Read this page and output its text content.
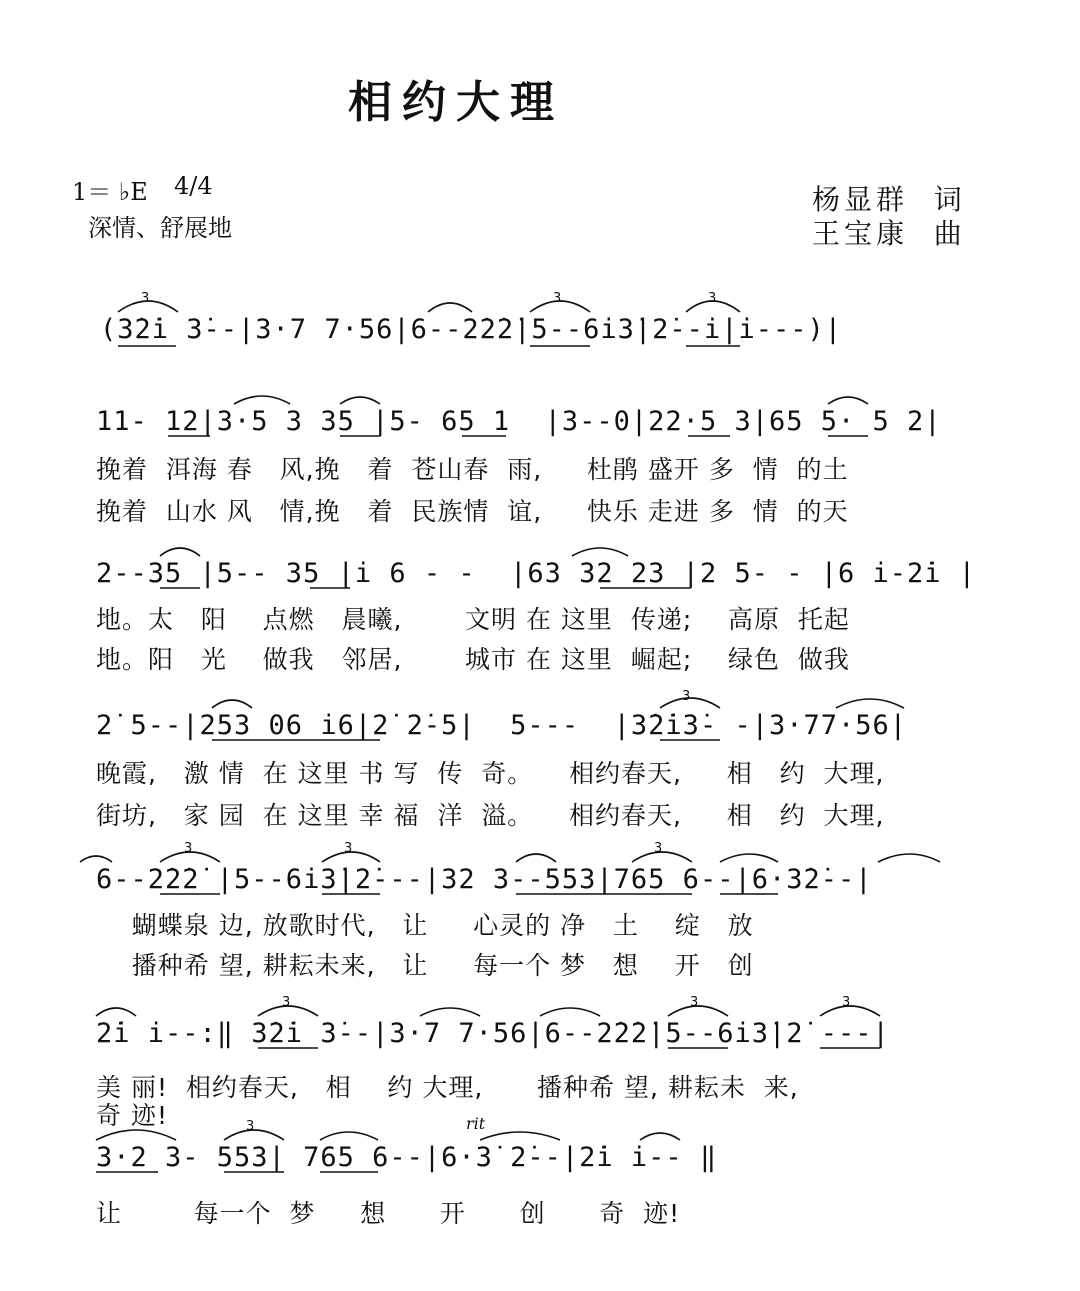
相约大理
1＝ ♭E 4/4
深情、舒展地
杨显群  词
王宝康  曲
(3̇2̇i 3̇--|3·7 7·56|6--2̇2̇2̇|5--6i3̇|2̇--i|i---)|
11- 12|3·5 3 35 |5- 65 1  |3--0|22·5 3|65 5· 5 2|
挽着  洱海 春   风,挽   着  苍山春  雨,     杜鹃 盛开 多  情  的土
挽着  山水 风   情,挽   着  民族情  谊,     快乐 走进 多  情  的天
2--35 |5-- 35 |i 6 - -  |63 32 23 |2 5- - |6 i-2̇i |
地。太   阳    点燃   晨曦,       文明 在 这里  传递;    高原  托起
地。阳   光    做我   邻居,       城市 在 这里  崛起;    绿色  做我
2̇ 5--|253 06 i6|2̇ 2̇-5|  5---  |3̇2̇i3̇- -|3·77·56|
晚霞,   激 情  在 这里 书 写  传  奇。    相约春天,     相   约  大理,
街坊,   家 园  在 这里 幸 福  洋  溢。    相约春天,     相   约  大理,
6--2̇2̇2̇ |5--6i3̇|2̇---|32 3--553|765 6--|6·3̇2̇--|
蝴蝶泉 边, 放歌时代,   让     心灵的 净   土    绽   放
播种希 望, 耕耘未来,   让     每一个 梦   想    开   创
2̇i i--:‖ 3̇2̇i 3̇--|3·7 7·56|6--2̇2̇2̇|5--6i3̇|2̇ ---|
美 丽!  相约春天,   相    约 大理,      播种希 望, 耕耘未  来,
奇 迹!	rit
3·2 3- 553| 765 6--|6·3̇ 2̇--|2̇i i-- ‖
让        每一个  梦     想      开      创      奇  迹!
3	3	3
3
3	3	3
3	3	3
3
